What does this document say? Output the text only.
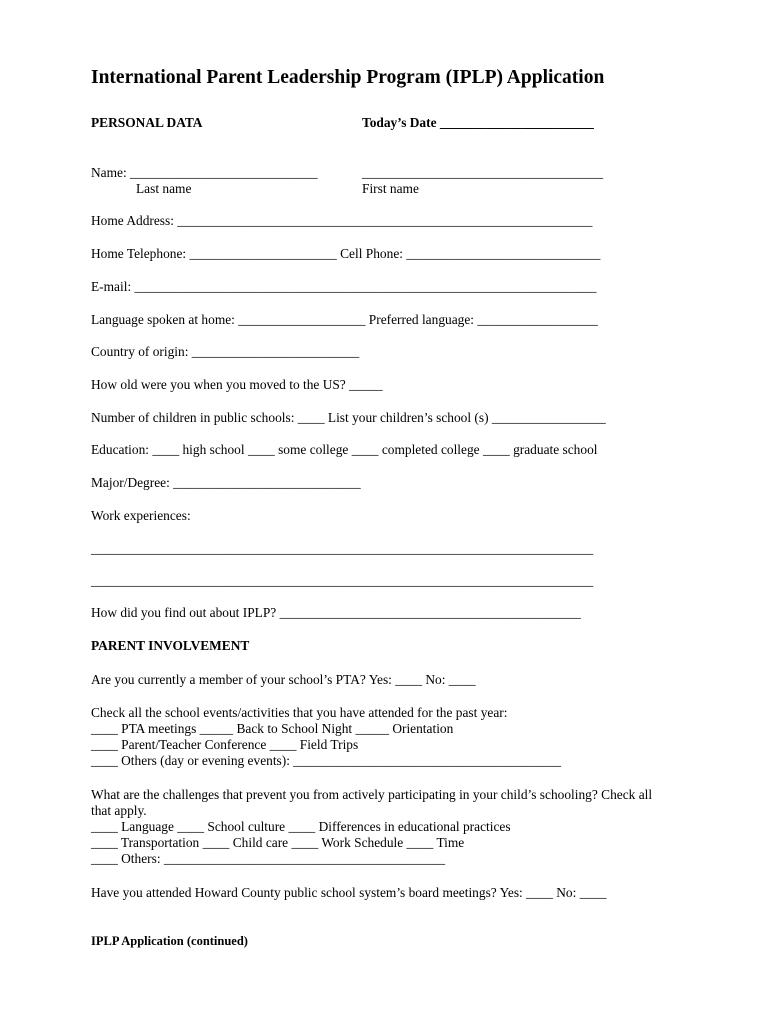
International Parent Leadership Program (IPLP) Application
PERSONAL DATA	Today’s Date _______________________
Name: ____________________________	____________________________________
Last name	First name
Home Address: ______________________________________________________________
Home Telephone: ______________________ Cell Phone: _____________________________
E-mail: _____________________________________________________________________
Language spoken at home: ___________________ Preferred language: __________________
Country of origin: _________________________
How old were you when you moved to the US? _____
Number of children in public schools: ____ List your children’s school (s) _________________
Education: ____ high school ____ some college ____ completed college ____ graduate school
Major/Degree: ____________________________
Work experiences:
___________________________________________________________________________
___________________________________________________________________________
How did you find out about IPLP? _____________________________________________
PARENT INVOLVEMENT
Are you currently a member of your school’s PTA? Yes: ____ No: ____
Check all the school events/activities that you have attended for the past year:
____ PTA meetings _____ Back to School Night _____ Orientation
____ Parent/Teacher Conference ____ Field Trips
____ Others (day or evening events): ________________________________________
What are the challenges that prevent you from actively participating in your child’s schooling? Check all
that apply.
____ Language ____ School culture ____ Differences in educational practices
____ Transportation ____ Child care ____ Work Schedule ____ Time
____ Others: __________________________________________
Have you attended Howard County public school system’s board meetings? Yes: ____ No: ____
IPLP Application (continued)
